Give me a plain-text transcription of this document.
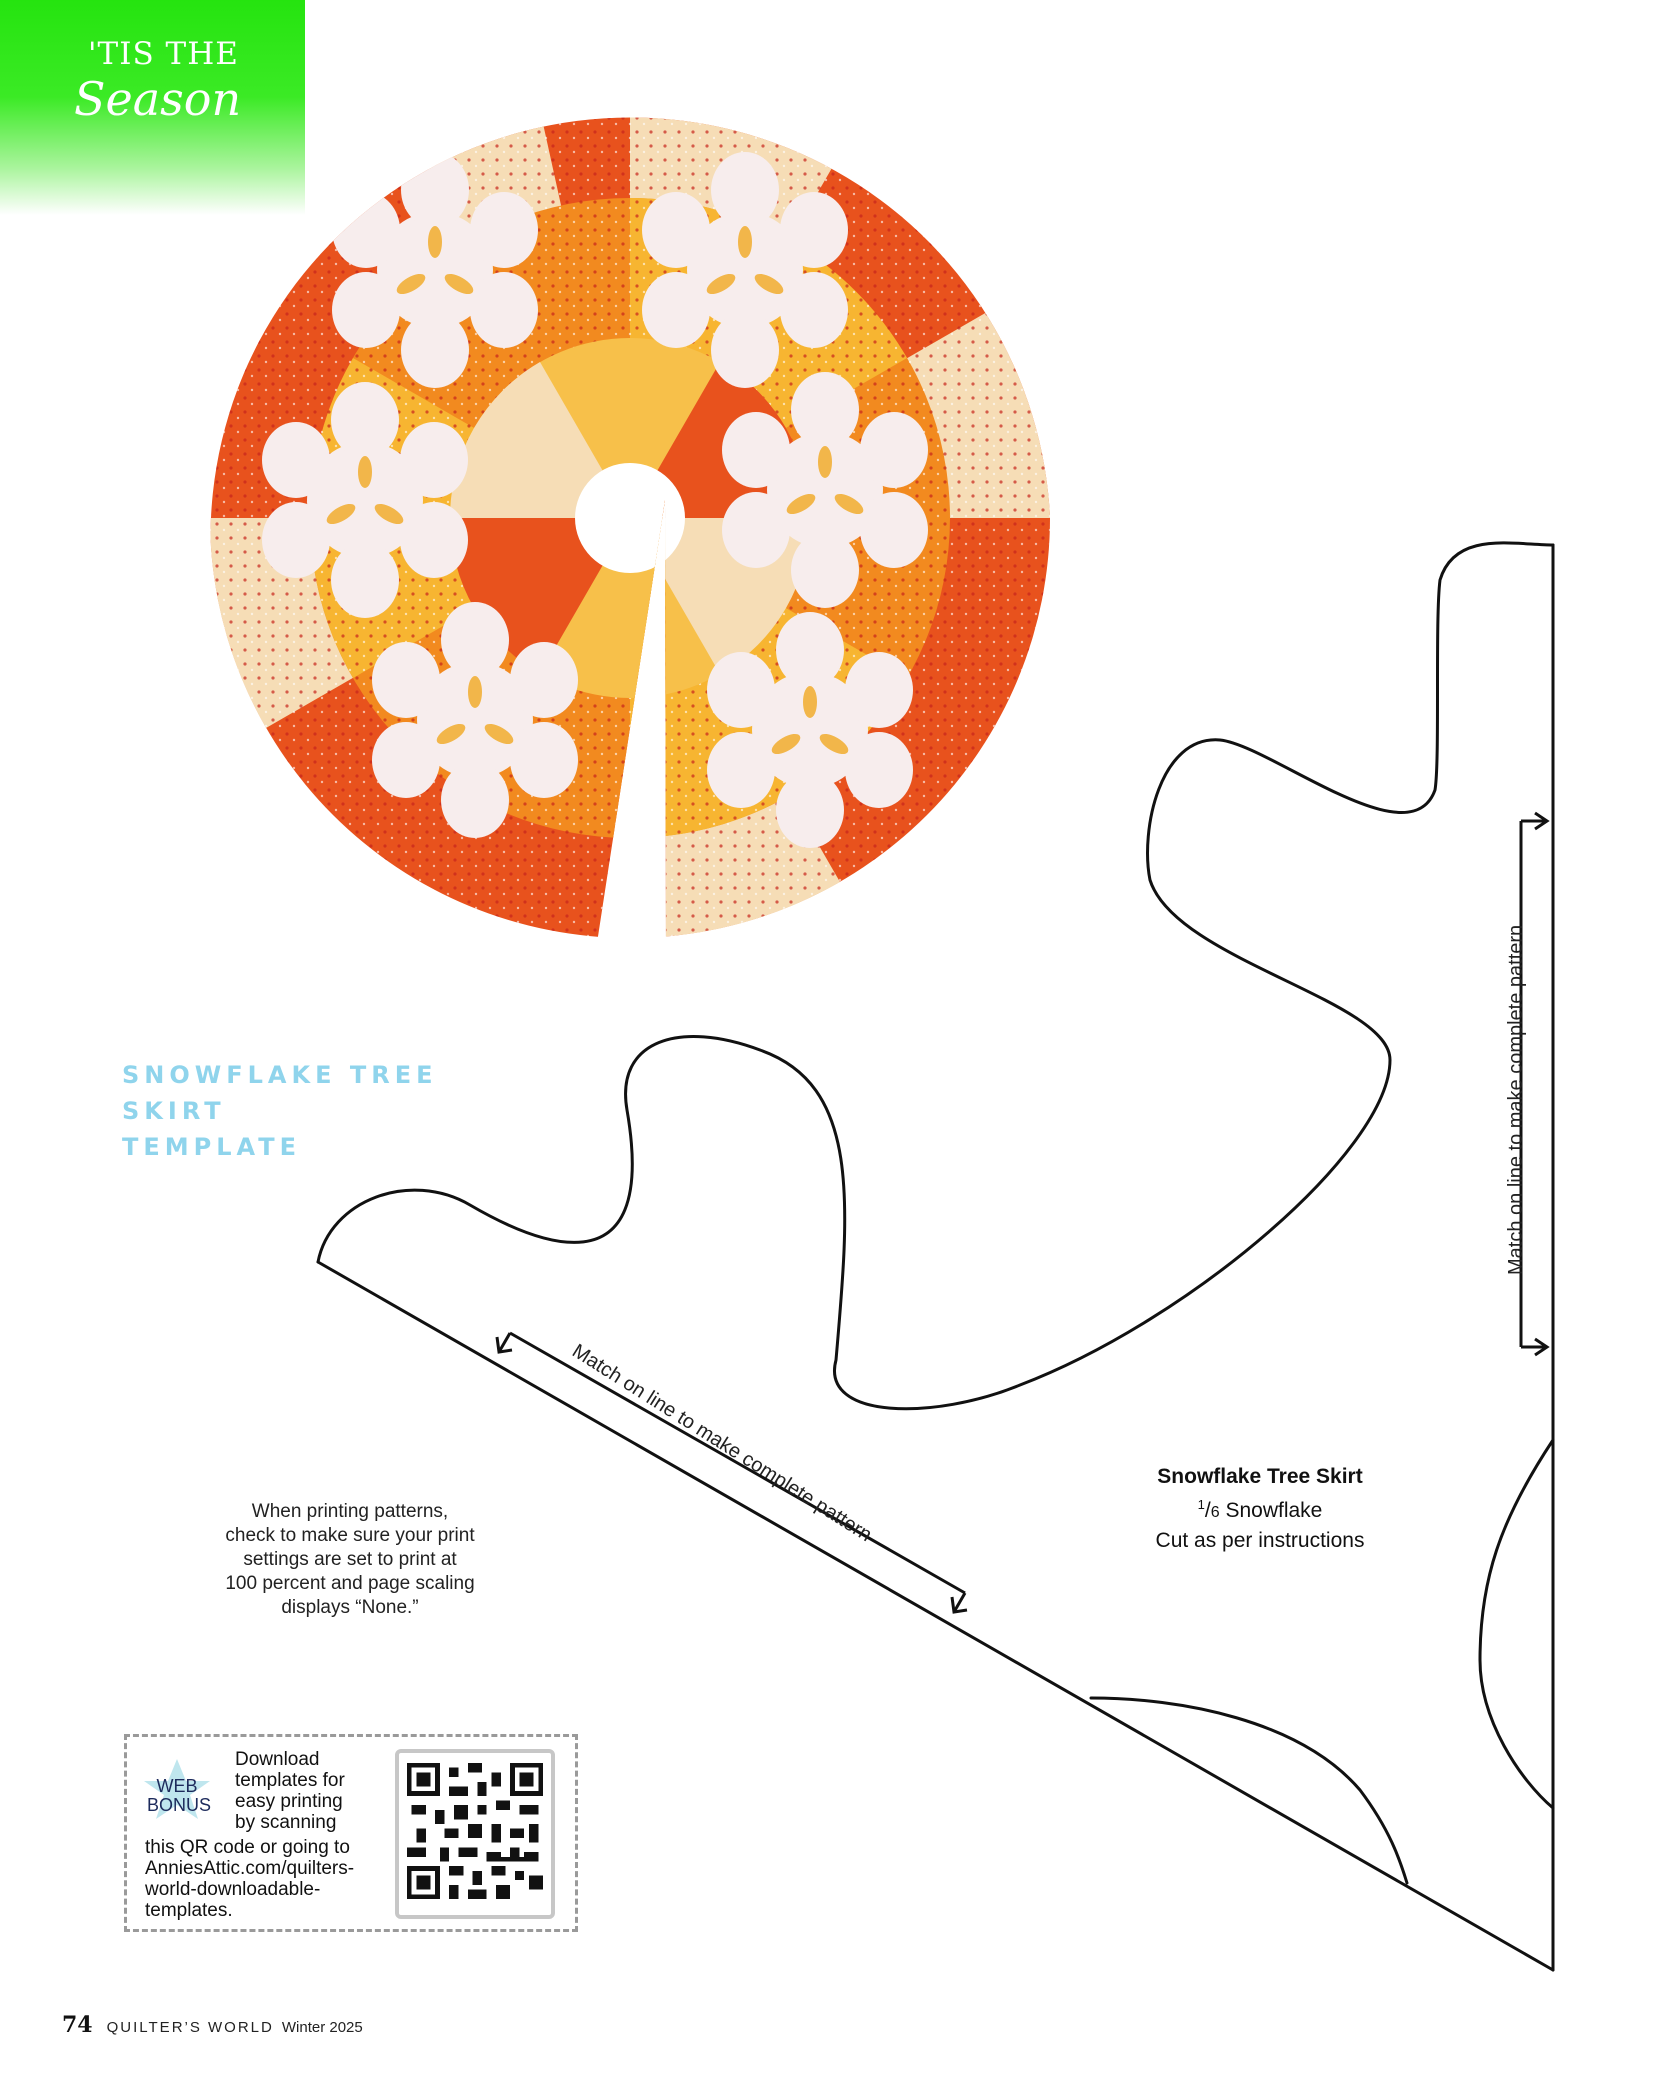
'TIS THE
Season
SNOWFLAKE TREE SKIRT
TEMPLATE	Match on line to make complete pattern
Match on line to make complete pattern	Snowflake Tree Skirt
$^1$/6 Snowflake
Cut as per instructions
When printing patterns,
check to make sure your print
settings are set to print at
100 percent and page scaling
displays “None.”
WEB
BONUS
Download
templates for
easy printing
by scanning
this QR code or going to
AnniesAttic.com/quilters-
world-downloadable-
templates.
74 QUILTER’S WORLD Winter 2025
